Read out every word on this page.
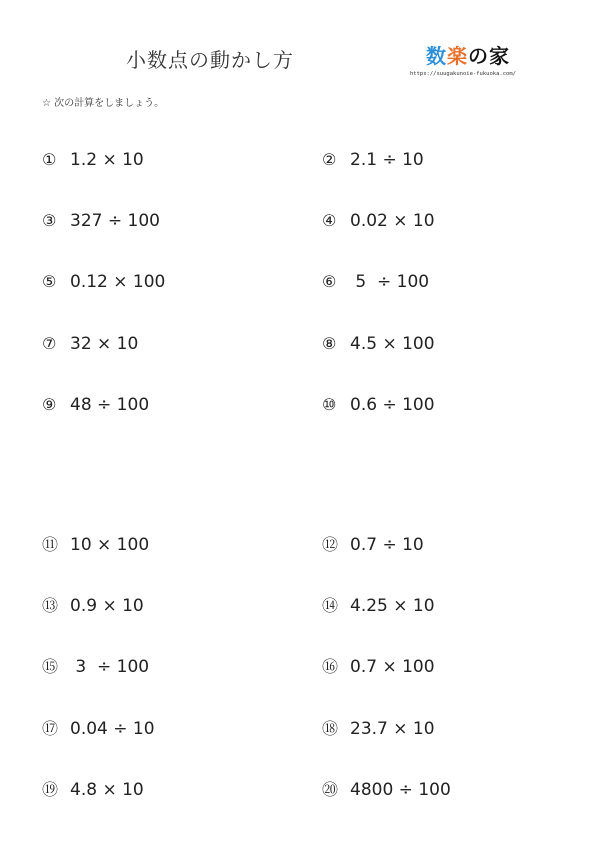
小数点の動かし方	数楽の家
https://suugakunoie-fukuoka.com/
☆ 次の計算をしましょう。
① 1.2 × 10	② 2.1 ÷ 10
③ 327 ÷ 100	④ 0.02 × 10
⑤ 0.12 × 100	⑥ 5  ÷ 100
⑦ 32 × 10	⑧ 4.5 × 100
⑨ 48 ÷ 100	⑩ 0.6 ÷ 100
⑪ 10 × 100	⑫ 0.7 ÷ 10
⑬ 0.9 × 10	⑭ 4.25 × 10
⑮ 3  ÷ 100	⑯ 0.7 × 100
⑰ 0.04 ÷ 10	⑱ 23.7 × 10
⑲ 4.8 × 10	⑳ 4800 ÷ 100
